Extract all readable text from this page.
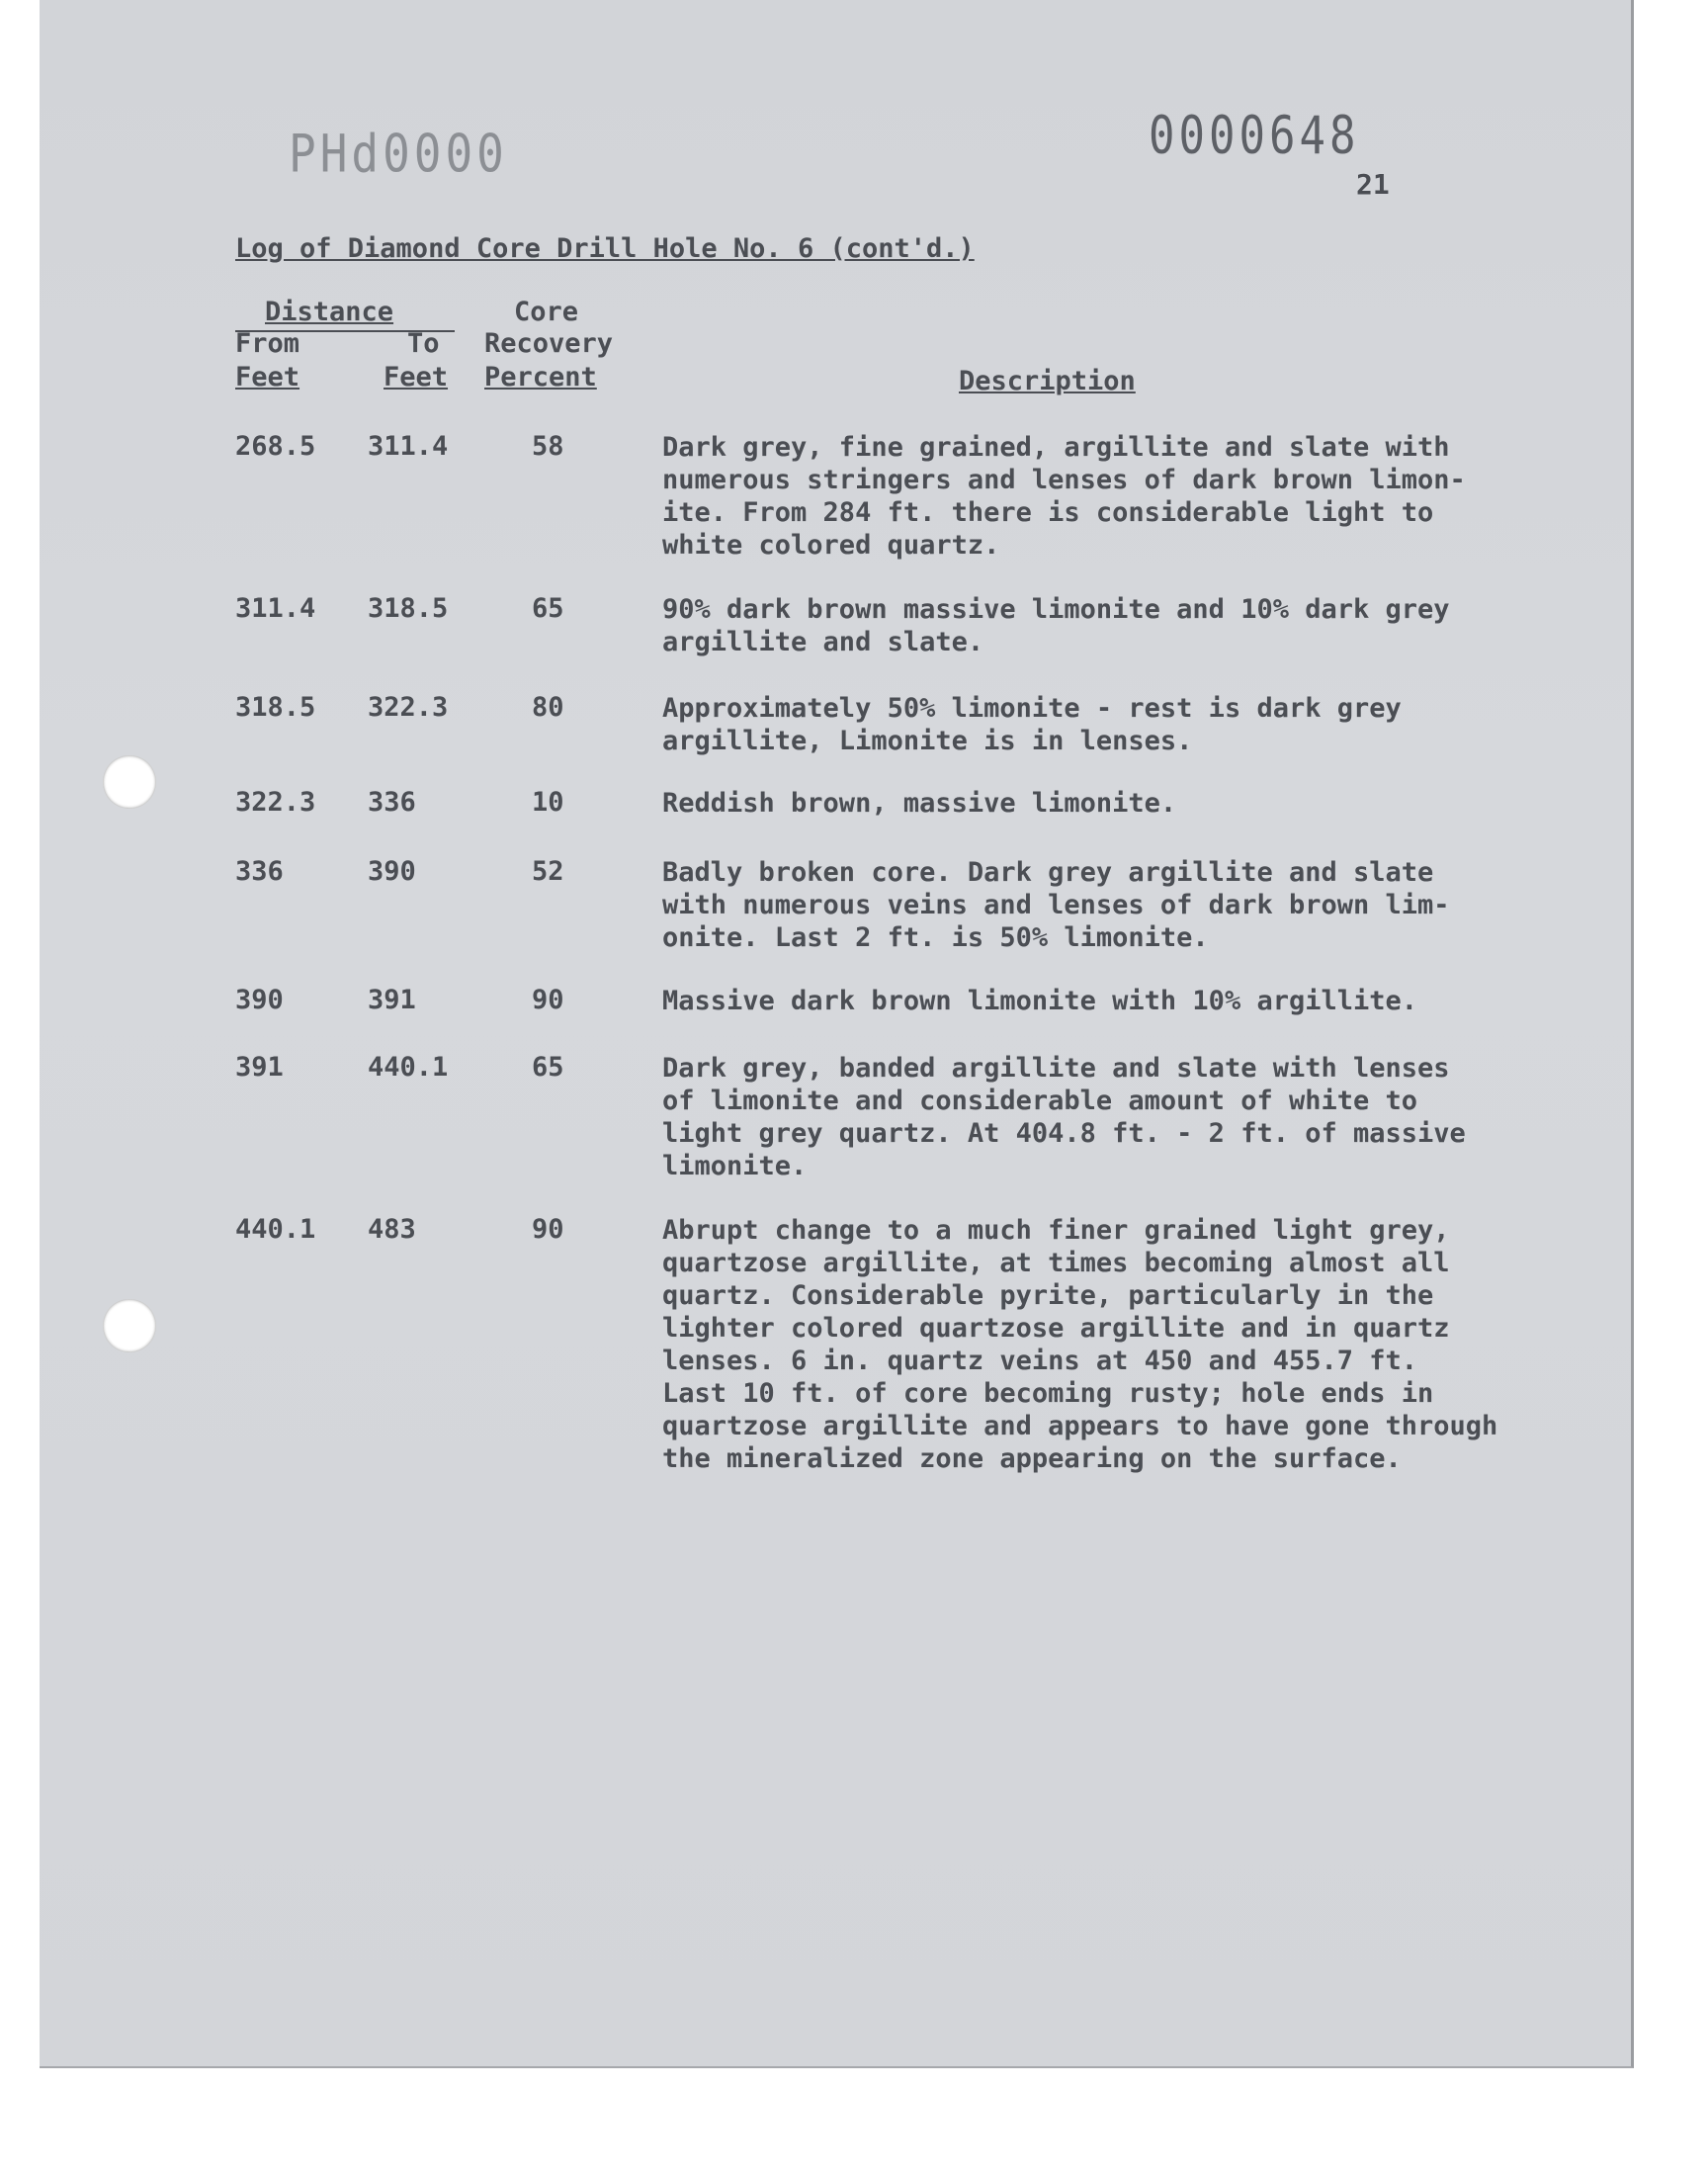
PHd0000	0000648
21
Log of Diamond Core Drill Hole No. 6 (cont'd.)
Distance	Core
From	To Recovery
Feet	Feet Percent	Description
268.5 311.4	58	Dark grey, fine grained, argillite and slate with
numerous stringers and lenses of dark brown limon-
ite. From 284 ft. there is considerable light to
white colored quartz.
311.4 318.5	65	90% dark brown massive limonite and 10% dark grey
argillite and slate.
318.5 322.3	80	Approximately 50% limonite - rest is dark grey
argillite, Limonite is in lenses.
322.3 336	10	Reddish brown, massive limonite.
336	390	52	Badly broken core. Dark grey argillite and slate
with numerous veins and lenses of dark brown lim-
onite. Last 2 ft. is 50% limonite.
390	391	90	Massive dark brown limonite with 10% argillite.
391	440.1	65	Dark grey, banded argillite and slate with lenses
of limonite and considerable amount of white to
light grey quartz. At 404.8 ft. - 2 ft. of massive
limonite.
440.1 483	90	Abrupt change to a much finer grained light grey,
quartzose argillite, at times becoming almost all
quartz. Considerable pyrite, particularly in the
lighter colored quartzose argillite and in quartz
lenses. 6 in. quartz veins at 450 and 455.7 ft.
Last 10 ft. of core becoming rusty; hole ends in
quartzose argillite and appears to have gone through
the mineralized zone appearing on the surface.
